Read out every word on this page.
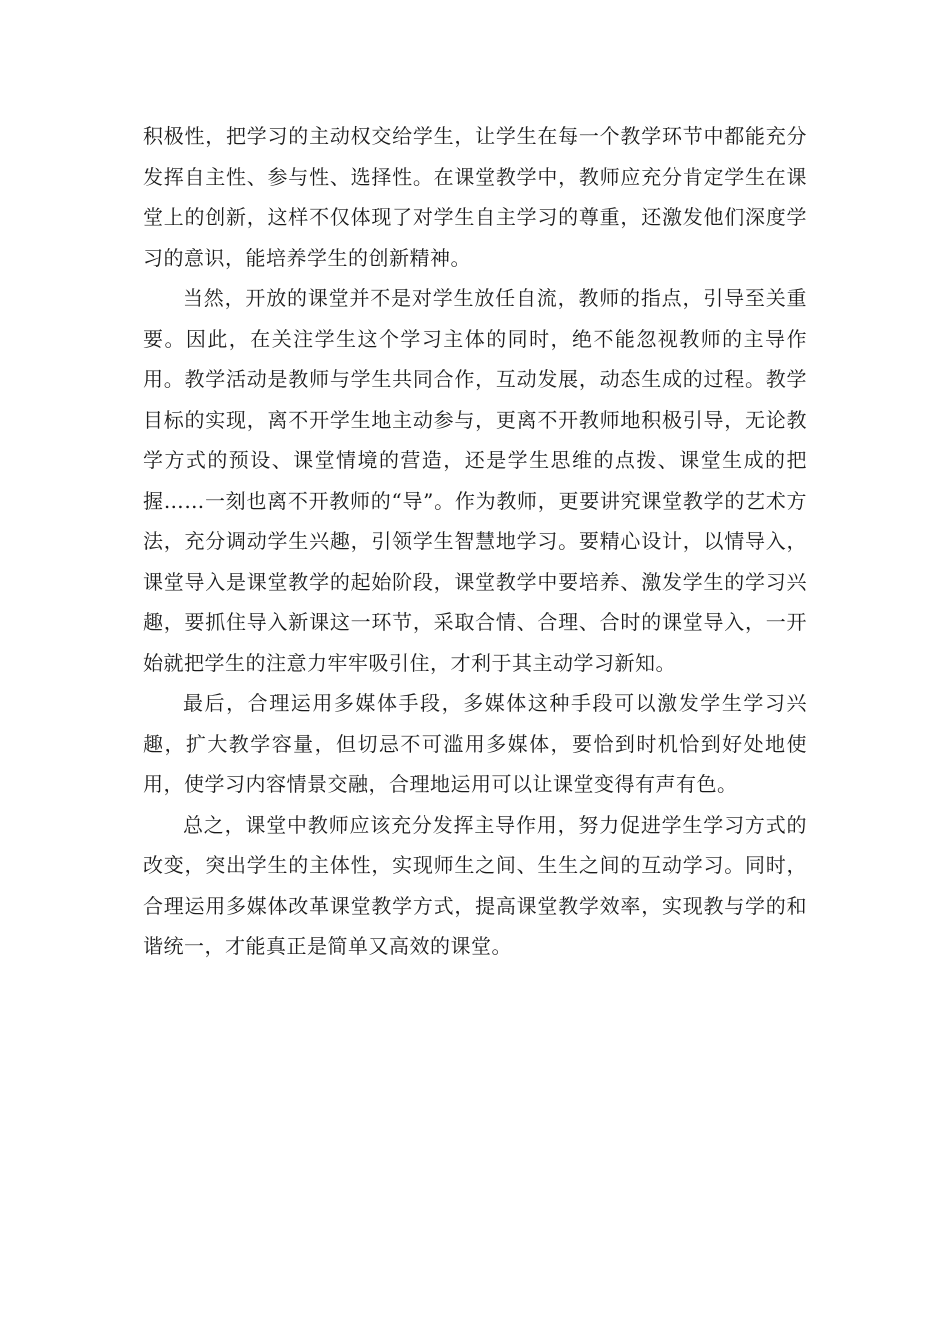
积极性，把学习的主动权交给学生，让学生在每一个教学环节中都能充分发挥自主性、参与性、选择性。在课堂教学中，教师应充分肯定学生在课堂上的创新，这样不仅体现了对学生自主学习的尊重，还激发他们深度学习的意识，能培养学生的创新精神。

当然，开放的课堂并不是对学生放任自流，教师的指点，引导至关重要。因此，在关注学生这个学习主体的同时，绝不能忽视教师的主导作用。教学活动是教师与学生共同合作，互动发展，动态生成的过程。教学目标的实现，离不开学生地主动参与，更离不开教师地积极引导，无论教学方式的预设、课堂情境的营造，还是学生思维的点拨、课堂生成的把握……一刻也离不开教师的“导”。作为教师，更要讲究课堂教学的艺术方法，充分调动学生兴趣，引领学生智慧地学习。要精心设计，以情导入，课堂导入是课堂教学的起始阶段，课堂教学中要培养、激发学生的学习兴趣，要抓住导入新课这一环节，采取合情、合理、合时的课堂导入，一开始就把学生的注意力牢牢吸引住，才利于其主动学习新知。

最后，合理运用多媒体手段，多媒体这种手段可以激发学生学习兴趣，扩大教学容量，但切忌不可滥用多媒体，要恰到时机恰到好处地使用，使学习内容情景交融，合理地运用可以让课堂变得有声有色。

总之，课堂中教师应该充分发挥主导作用，努力促进学生学习方式的改变，突出学生的主体性，实现师生之间、生生之间的互动学习。同时，合理运用多媒体改革课堂教学方式，提高课堂教学效率，实现教与学的和谐统一，才能真正是简单又高效的课堂。
